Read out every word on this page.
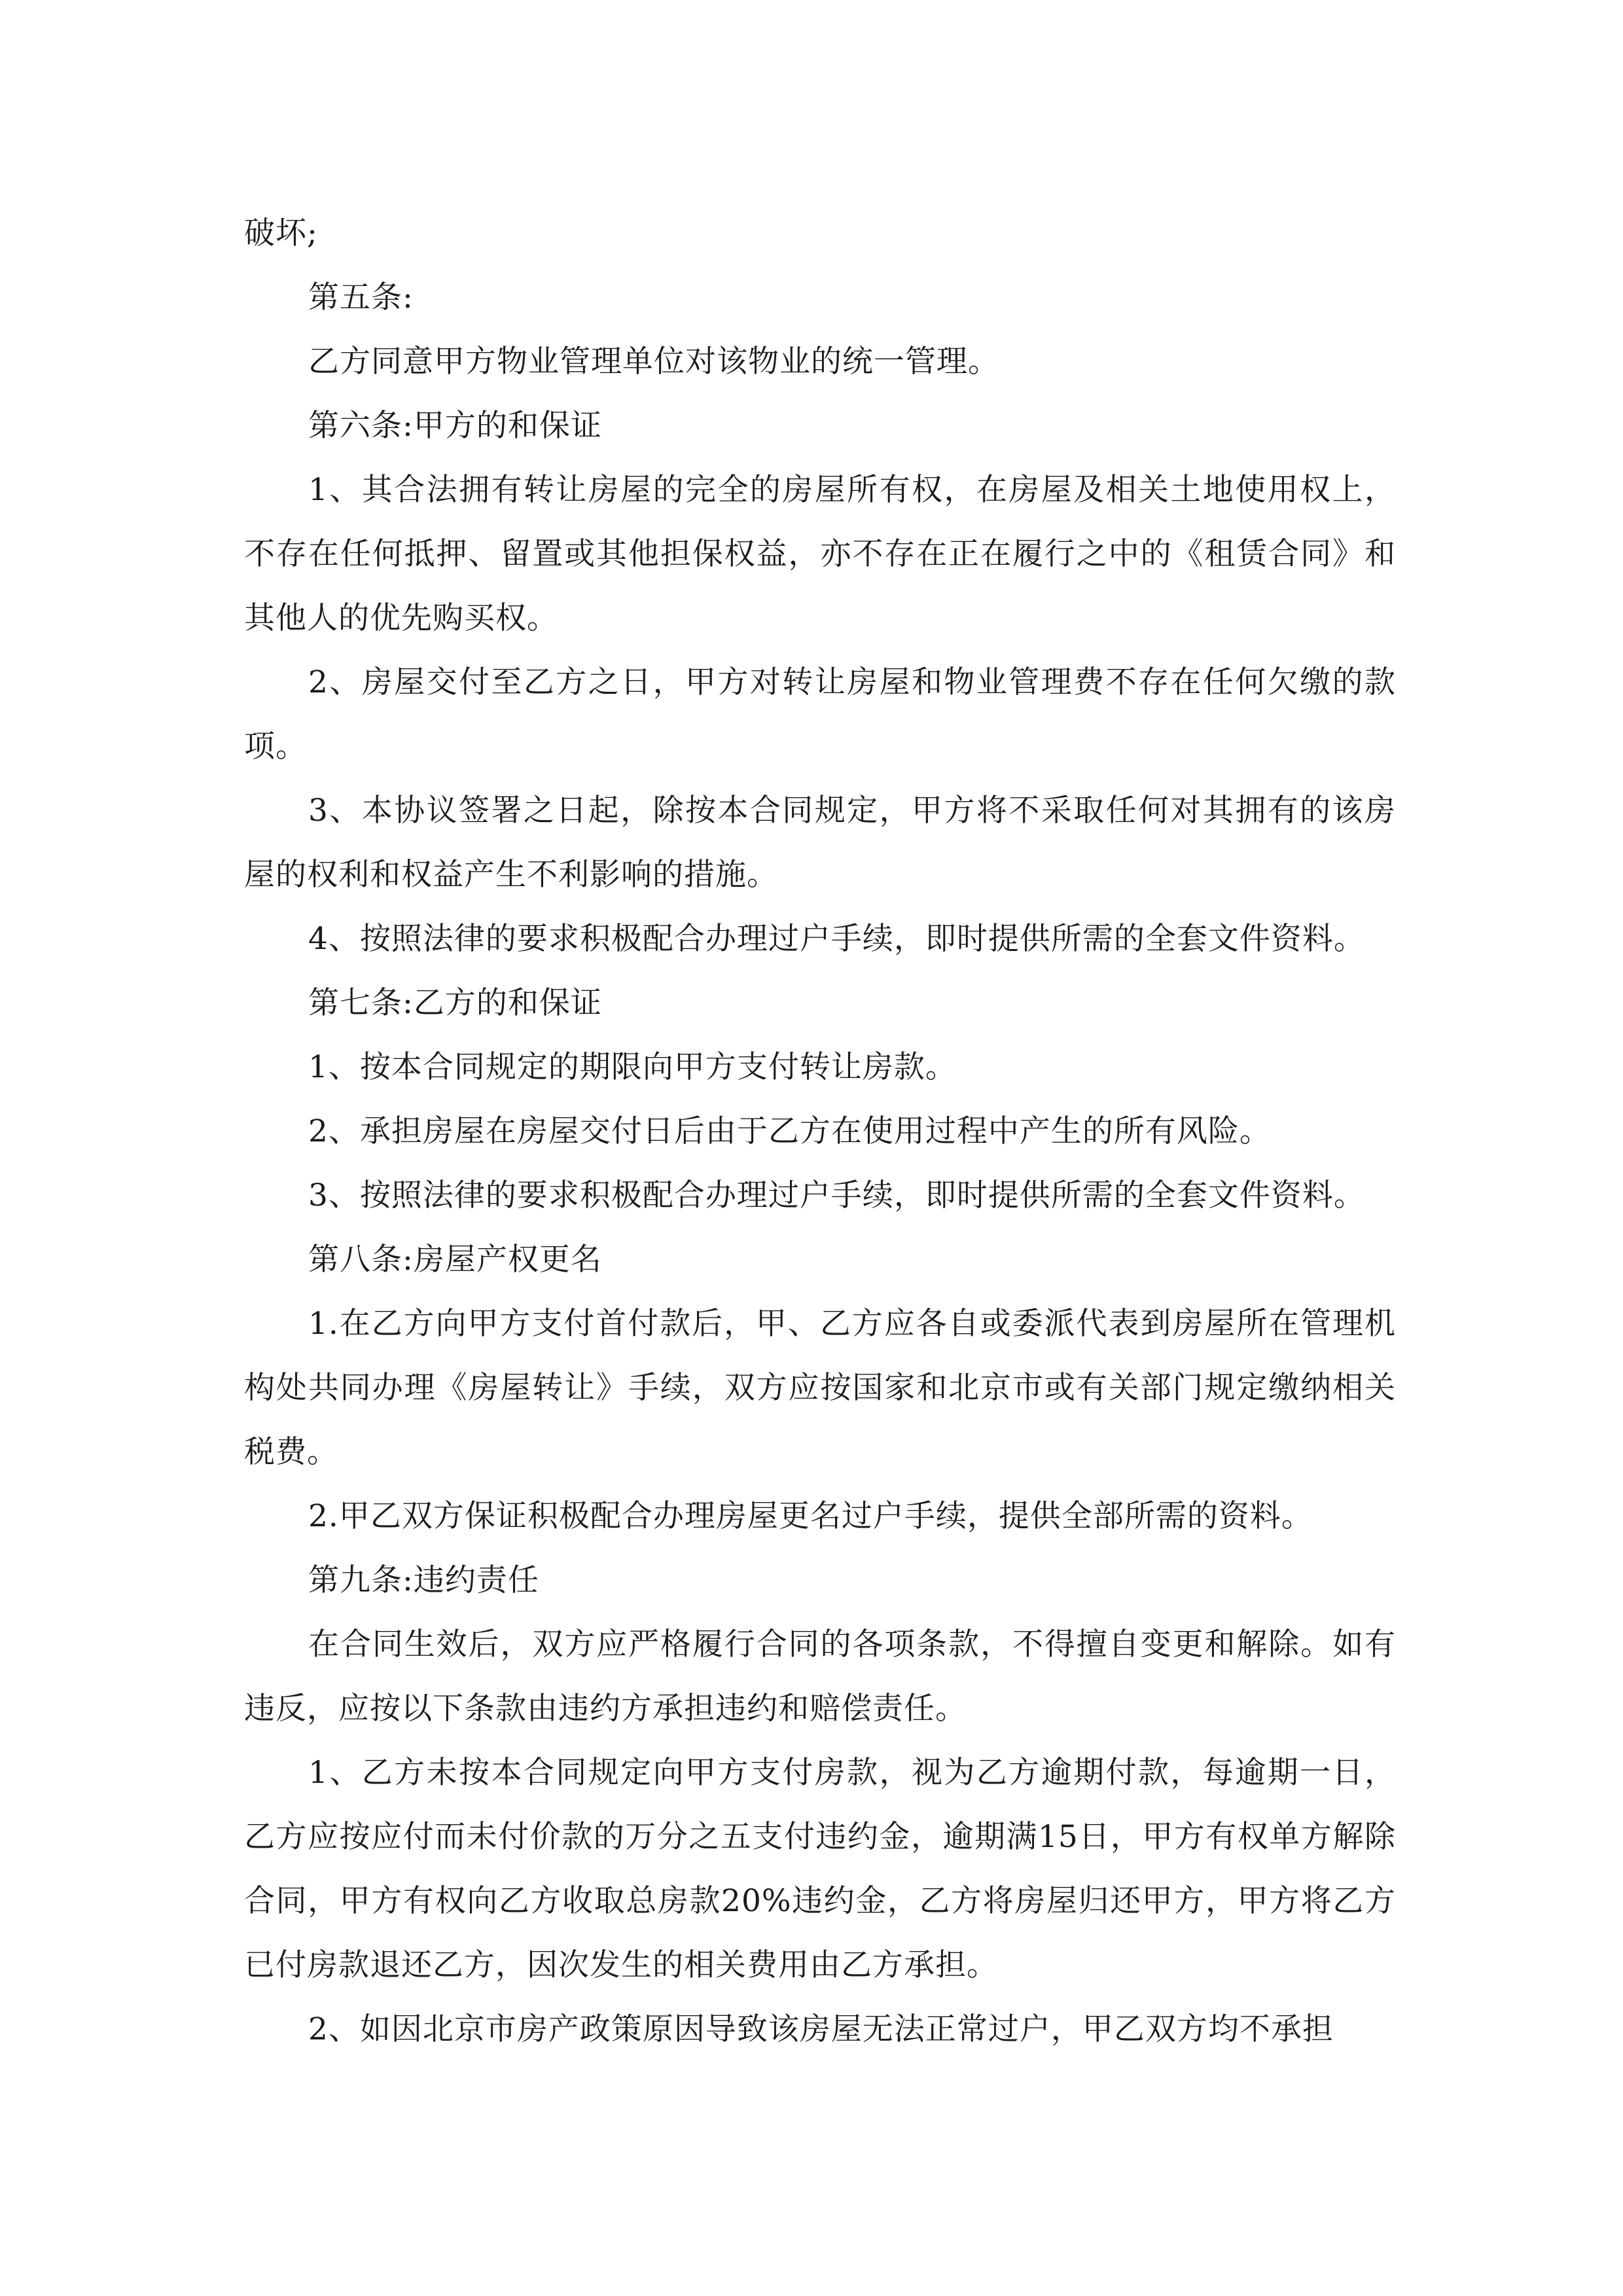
破坏;

第五条:

乙方同意甲方物业管理单位对该物业的统一管理。

第六条:甲方的和保证

1、其合法拥有转让房屋的完全的房屋所有权，在房屋及相关土地使用权上，不存在任何抵押、留置或其他担保权益，亦不存在正在履行之中的《租赁合同》和其他人的优先购买权。

2、房屋交付至乙方之日，甲方对转让房屋和物业管理费不存在任何欠缴的款项。

3、本协议签署之日起，除按本合同规定，甲方将不采取任何对其拥有的该房屋的权利和权益产生不利影响的措施。

4、按照法律的要求积极配合办理过户手续，即时提供所需的全套文件资料。

第七条:乙方的和保证

1、按本合同规定的期限向甲方支付转让房款。

2、承担房屋在房屋交付日后由于乙方在使用过程中产生的所有风险。

3、按照法律的要求积极配合办理过户手续，即时提供所需的全套文件资料。

第八条:房屋产权更名

1.在乙方向甲方支付首付款后，甲、乙方应各自或委派代表到房屋所在管理机构处共同办理《房屋转让》手续，双方应按国家和北京市或有关部门规定缴纳相关税费。

2.甲乙双方保证积极配合办理房屋更名过户手续，提供全部所需的资料。

第九条:违约责任

在合同生效后，双方应严格履行合同的各项条款，不得擅自变更和解除。如有违反，应按以下条款由违约方承担违约和赔偿责任。

1、乙方未按本合同规定向甲方支付房款，视为乙方逾期付款，每逾期一日，乙方应按应付而未付价款的万分之五支付违约金，逾期满15日，甲方有权单方解除合同，甲方有权向乙方收取总房款20%违约金，乙方将房屋归还甲方，甲方将乙方已付房款退还乙方，因次发生的相关费用由乙方承担。

2、如因北京市房产政策原因导致该房屋无法正常过户，甲乙双方均不承担
